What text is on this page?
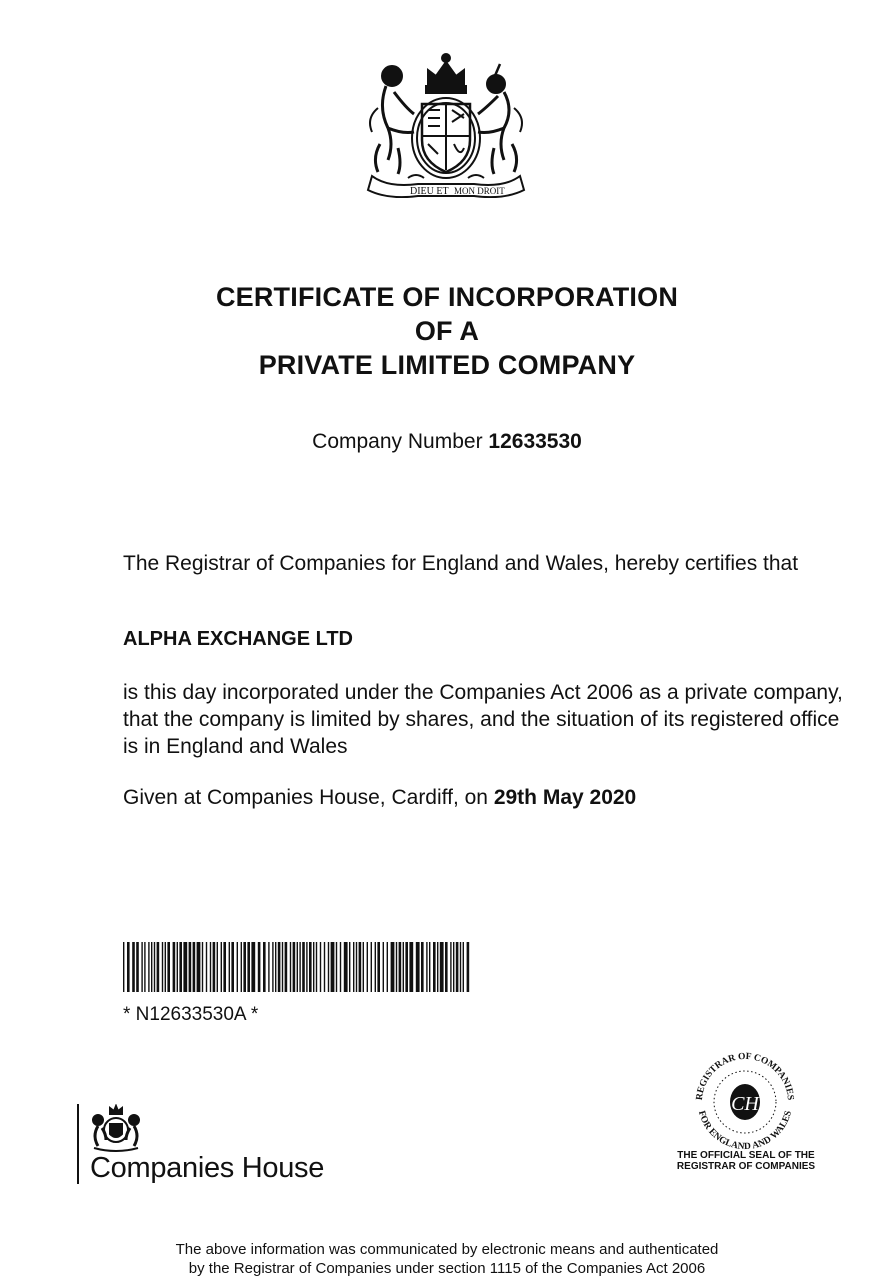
DIEU ET MON DROIT
CERTIFICATE OF INCORPORATION
OF A
PRIVATE LIMITED COMPANY
Company Number 12633530
The Registrar of Companies for England and Wales, hereby certifies that
ALPHA EXCHANGE LTD
is this day incorporated under the Companies Act 2006 as a private company, that the company is limited by shares, and the situation of its registered office is in England and Wales
Given at Companies House, Cardiff, on 29th May 2020
* N12633530A *
Companies House
CH
REGISTRAR OF COMPANIES
FOR ENGLAND AND WALES
THE OFFICIAL SEAL OF THE
REGISTRAR OF COMPANIES
The above information was communicated by electronic means and authenticated
by the Registrar of Companies under section 1115 of the Companies Act 2006
